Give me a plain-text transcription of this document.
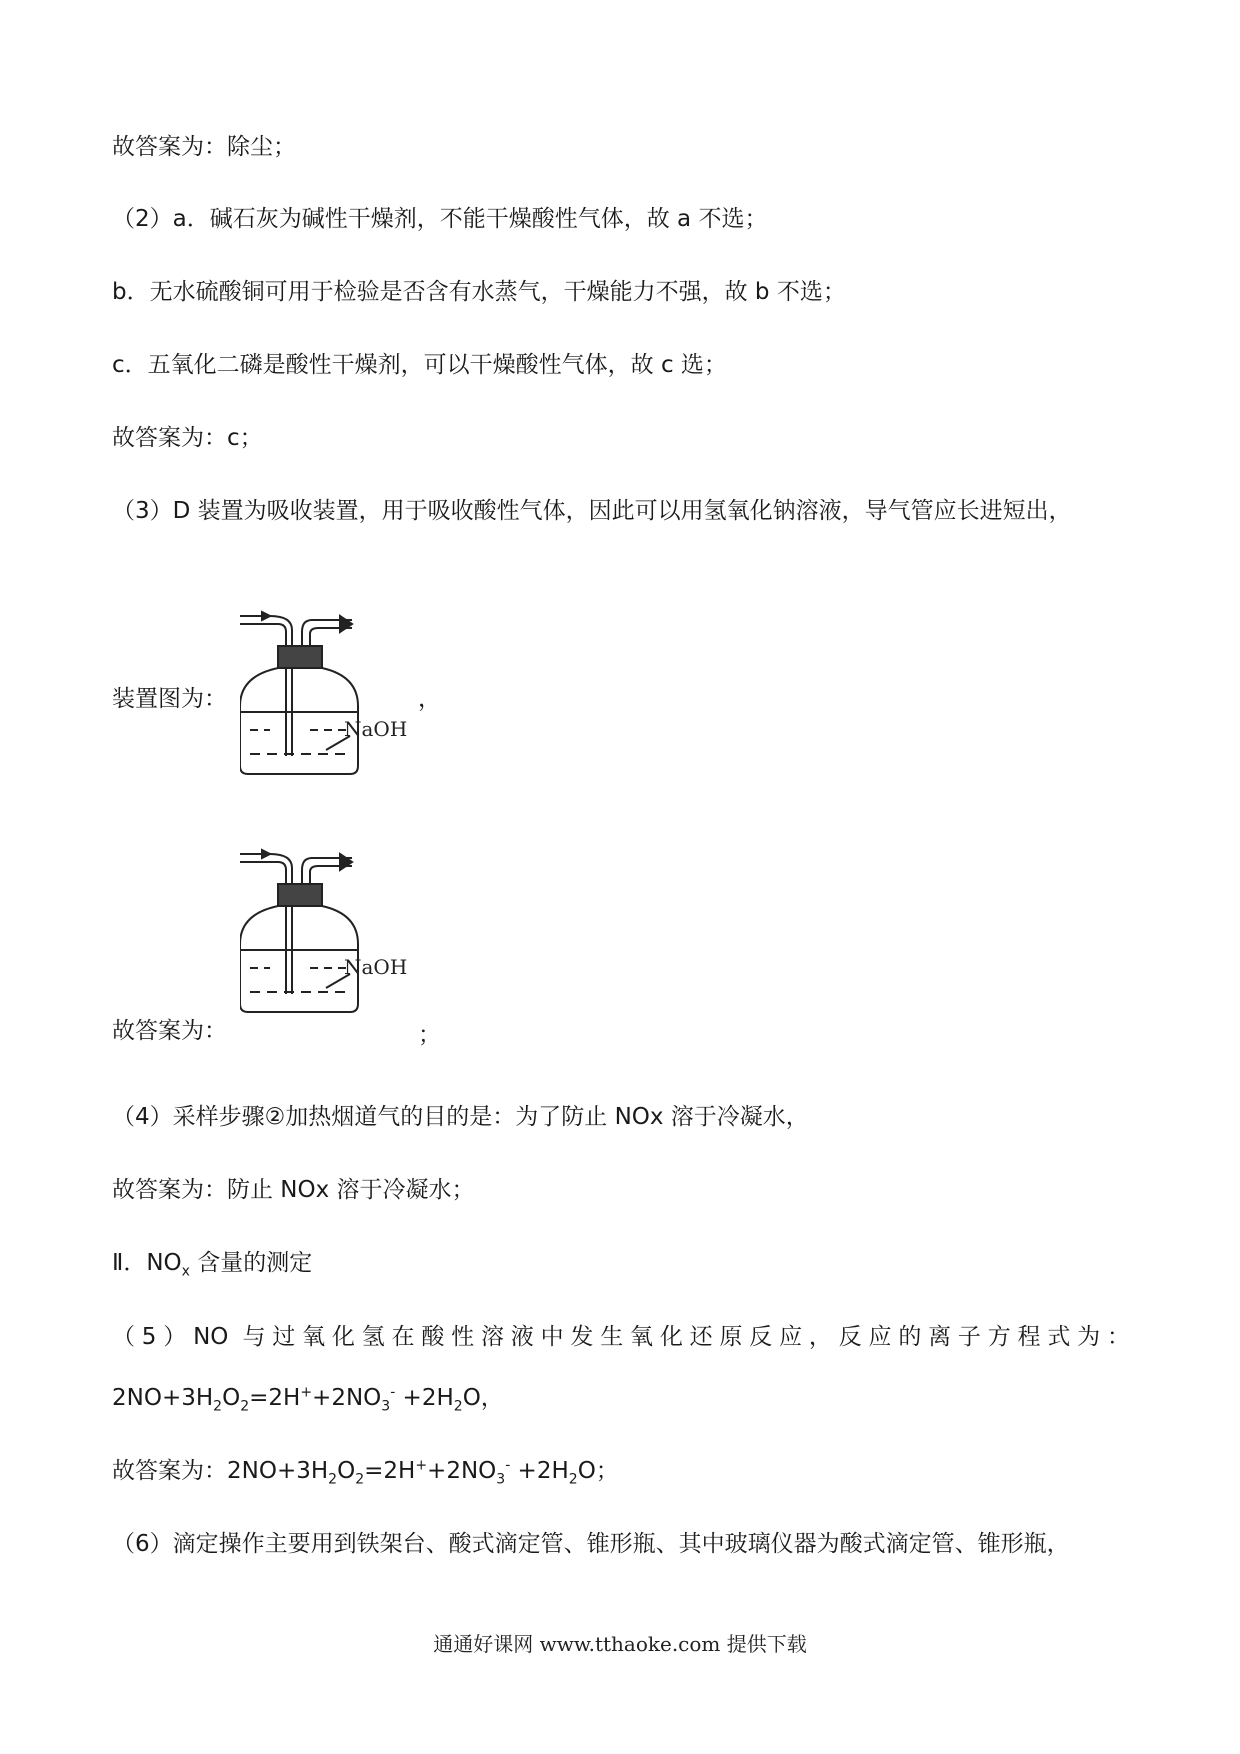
故答案为：除尘；
（2）a．碱石灰为碱性干燥剂，不能干燥酸性气体，故 a 不选；
b．无水硫酸铜可用于检验是否含有水蒸气，干燥能力不强，故 b 不选；
c．五氧化二磷是酸性干燥剂，可以干燥酸性气体，故 c 选；
故答案为：c；
（3）D 装置为吸收装置，用于吸收酸性气体，因此可以用氢氧化钠溶液，导气管应长进短出，
装置图为：
NaOH
，
故答案为：
NaOH
；
（4）采样步骤②加热烟道气的目的是：为了防止 NOx 溶于冷凝水，
故答案为：防止 NOx 溶于冷凝水；
Ⅱ．$NO_x$ 含量的测定
（5）NO 与过氧化氢在酸性溶液中发生氧化还原反应，反应的离子方程式为：
$2NO+3H_2O_2=2H^++2NO_3^- +2H_2O$，
故答案为：$2NO+3H_2O_2=2H^++2NO_3^- +2H_2O$；
（6）滴定操作主要用到铁架台、酸式滴定管、锥形瓶、其中玻璃仪器为酸式滴定管、锥形瓶，
通通好课网 www.tthaoke.com 提供下载
